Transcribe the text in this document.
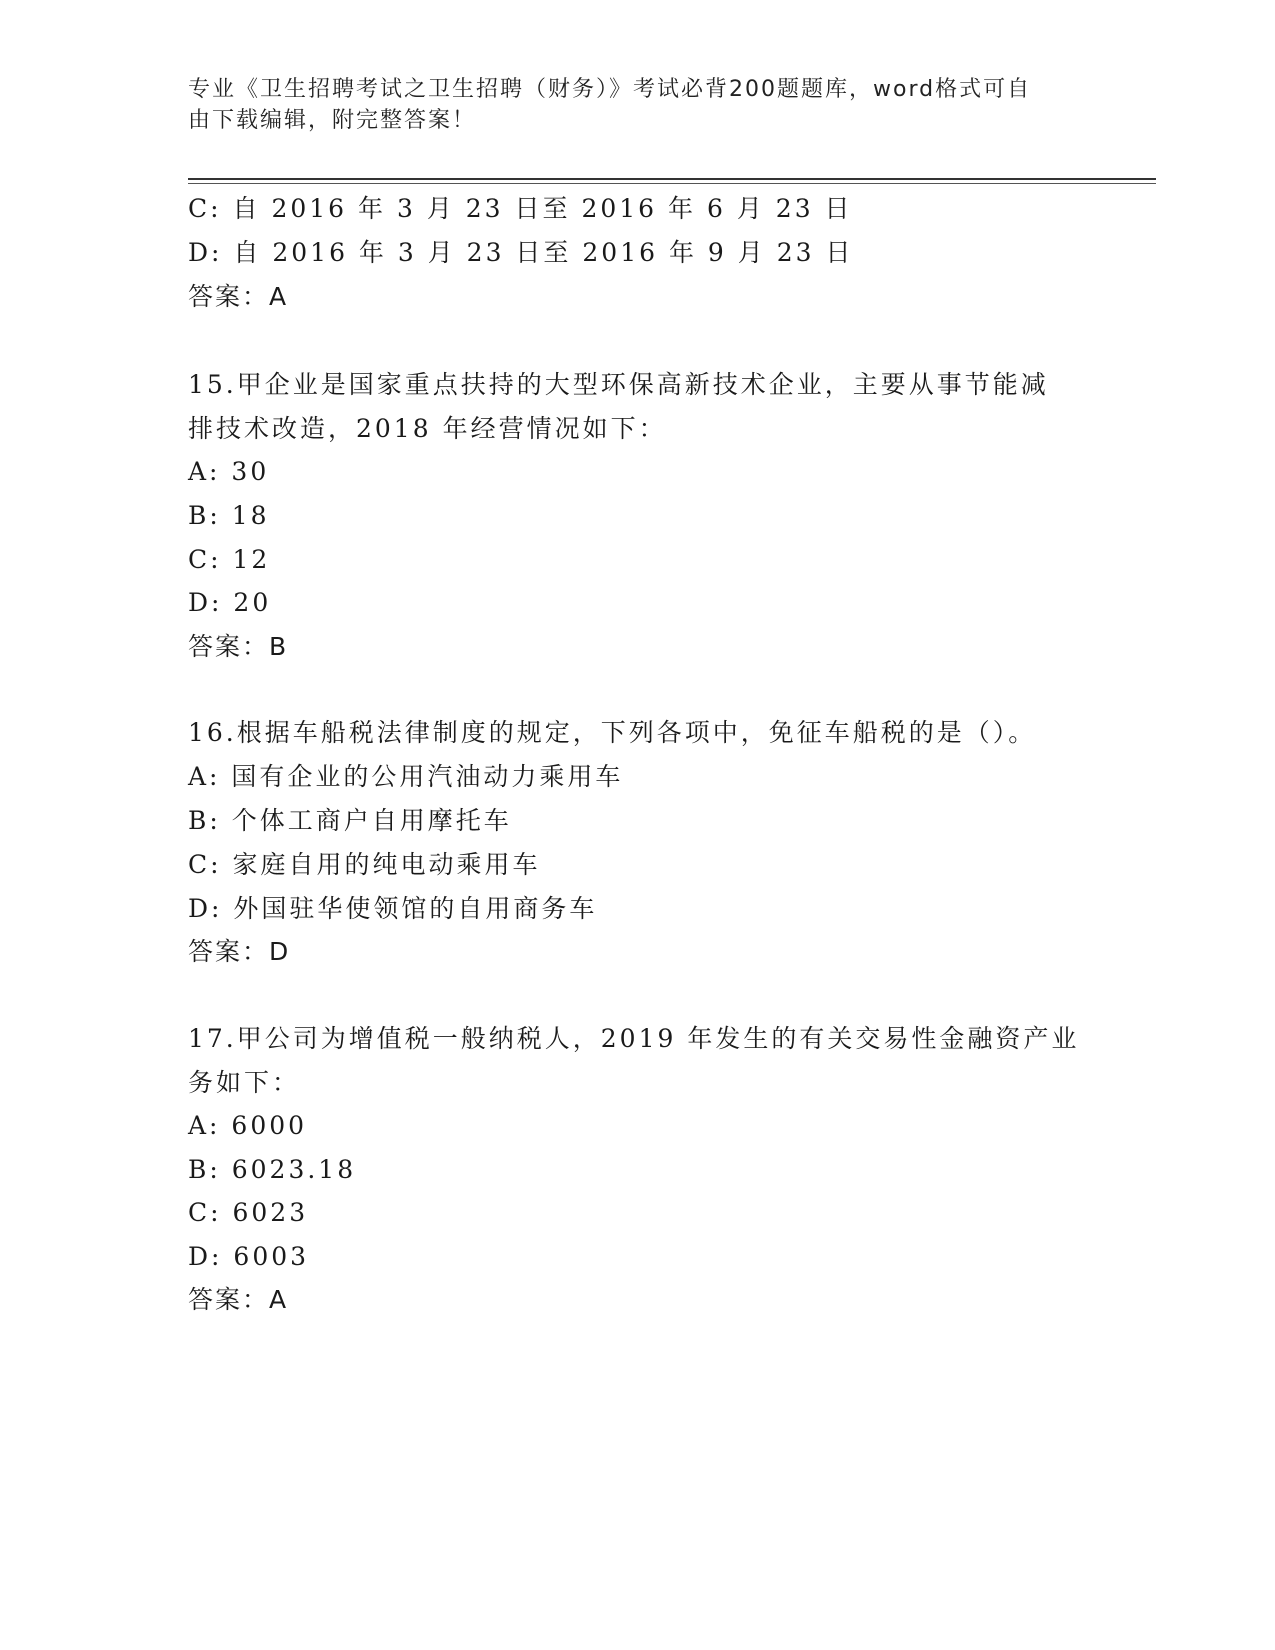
专业《卫生招聘考试之卫生招聘（财务）》考试必背200题题库，word格式可自
由下载编辑，附完整答案！
C: 自 2016 年 3 月 23 日至 2016 年 6 月 23 日
D: 自 2016 年 3 月 23 日至 2016 年 9 月 23 日
答案：A
15.甲企业是国家重点扶持的大型环保高新技术企业，主要从事节能减
排技术改造，2018 年经营情况如下：
A: 30
B: 18
C: 12
D: 20
答案：B
16.根据车船税法律制度的规定，下列各项中，免征车船税的是（）。
A: 国有企业的公用汽油动力乘用车
B: 个体工商户自用摩托车
C: 家庭自用的纯电动乘用车
D: 外国驻华使领馆的自用商务车
答案：D
17.甲公司为增值税一般纳税人，2019 年发生的有关交易性金融资产业
务如下：
A: 6000
B: 6023.18
C: 6023
D: 6003
答案：A
